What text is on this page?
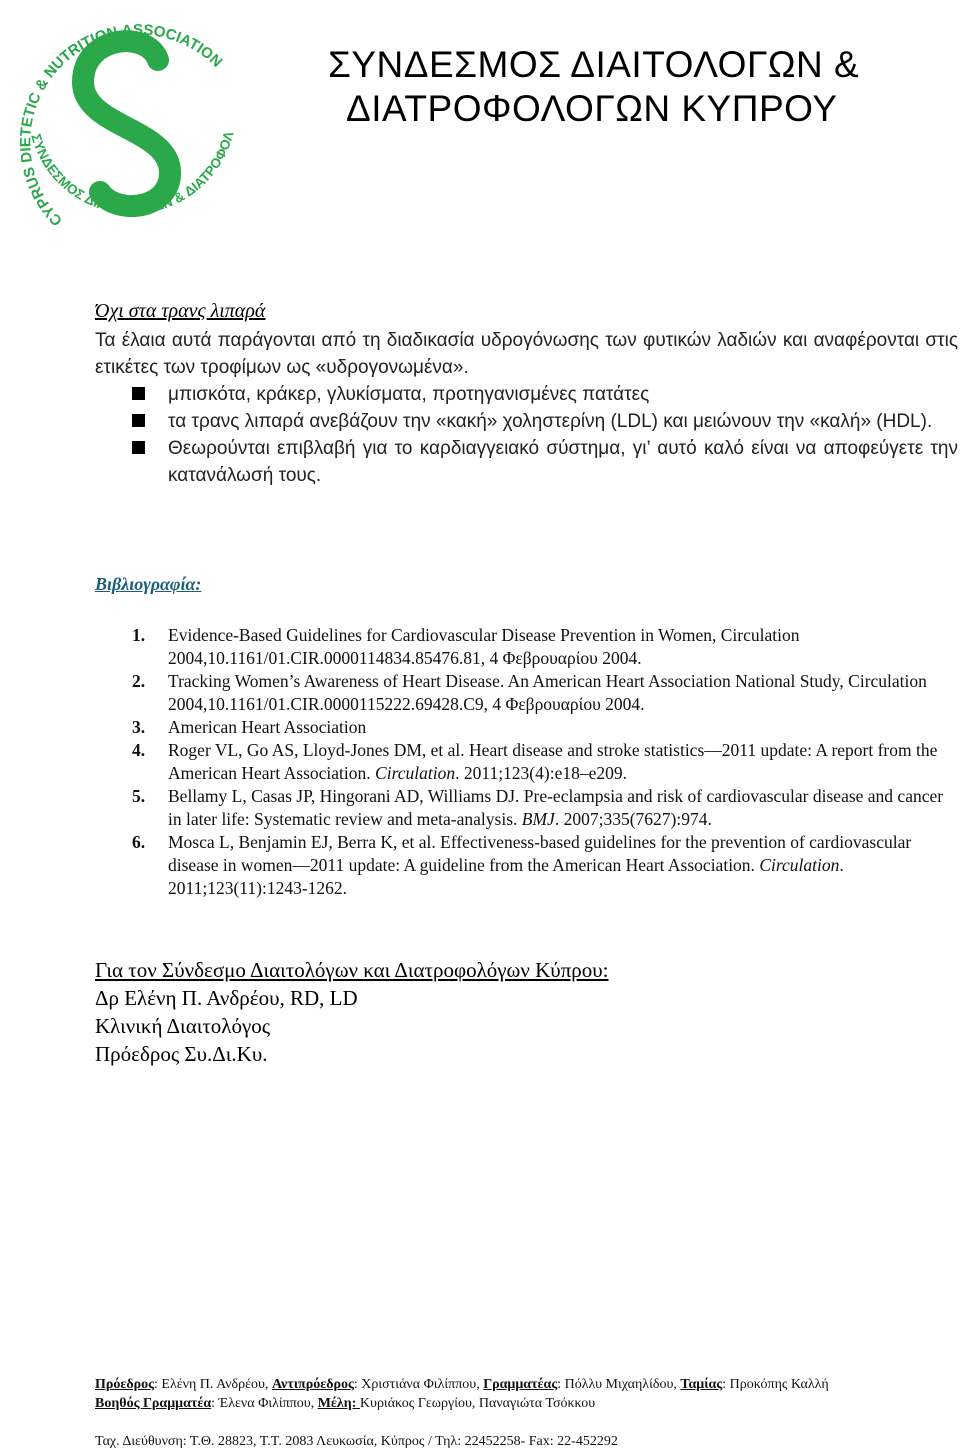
CYPRUS DIETETIC & NUTRITION ASSOCIATION
ΣΥΝΔΕΣΜΟΣ ΔΙΑΙΤΟΛΟΓΩΝ & ΔΙΑΤΡΟΦΟΛ
ΣΥΝΔΕΣΜΟΣ ΔΙΑΙΤΟΛΟΓΩΝ &
ΔΙΑΤΡΟΦΟΛΟΓΩΝ ΚΥΠΡΟΥ
Όχι στα τρανς λιπαρά
Τα έλαια αυτά παράγονται από τη διαδικασία υδρογόνωσης των φυτικών λαδιών και αναφέρονται στις ετικέτες των τροφίμων ως «υδρογονωμένα».
μπισκότα, κράκερ, γλυκίσματα, προτηγανισμένες πατάτες
τα τρανς λιπαρά ανεβάζουν την «κακή» χοληστερίνη (LDL) και μειώνουν την «καλή» (HDL).
Θεωρούνται επιβλαβή για το καρδιαγγειακό σύστημα, γι’ αυτό καλό είναι να αποφεύγετε την κατανάλωσή τους.
Βιβλιογραφία:
1. Evidence-Based Guidelines for Cardiovascular Disease Prevention in Women, Circulation 2004,10.1161/01.CIR.0000114834.85476.81, 4 Φεβρουαρίου 2004.
2. Tracking Women’s Awareness of Heart Disease. An American Heart Association National Study, Circulation 2004,10.1161/01.CIR.0000115222.69428.C9, 4 Φεβρουαρίου 2004.
3. American Heart Association
4. Roger VL, Go AS, Lloyd-Jones DM, et al. Heart disease and stroke statistics—2011 update: A report from the American Heart Association. Circulation. 2011;123(4):e18–e209.
5. Bellamy L, Casas JP, Hingorani AD, Williams DJ. Pre-eclampsia and risk of cardiovascular disease and cancer in later life: Systematic review and meta-analysis. BMJ. 2007;335(7627):974.
6. Mosca L, Benjamin EJ, Berra K, et al. Effectiveness-based guidelines for the prevention of cardiovascular disease in women—2011 update: A guideline from the American Heart Association. Circulation. 2011;123(11):1243-1262.
Για τον Σύνδεσμο Διαιτολόγων και Διατροφολόγων Κύπρου:
Δρ Ελένη Π. Ανδρέου, RD, LD
Κλινική Διαιτολόγος
Πρόεδρος Συ.Δι.Κυ.
Πρόεδρος: Ελένη Π. Ανδρέου, Αντιπρόεδρος: Χριστιάνα Φιλίππου, Γραμματέας: Πόλλυ Μιχαηλίδου, Ταμίας: Προκόπης Καλλή
Βοηθός Γραμματέα: Έλενα Φιλίππου, Μέλη: Κυριάκος Γεωργίου, Παναγιώτα Τσόκκου
Ταχ. Διεύθυνση: Τ.Θ. 28823, Τ.Τ. 2083 Λευκωσία, Κύπρος / Τηλ: 22452258- Fax: 22-452292
